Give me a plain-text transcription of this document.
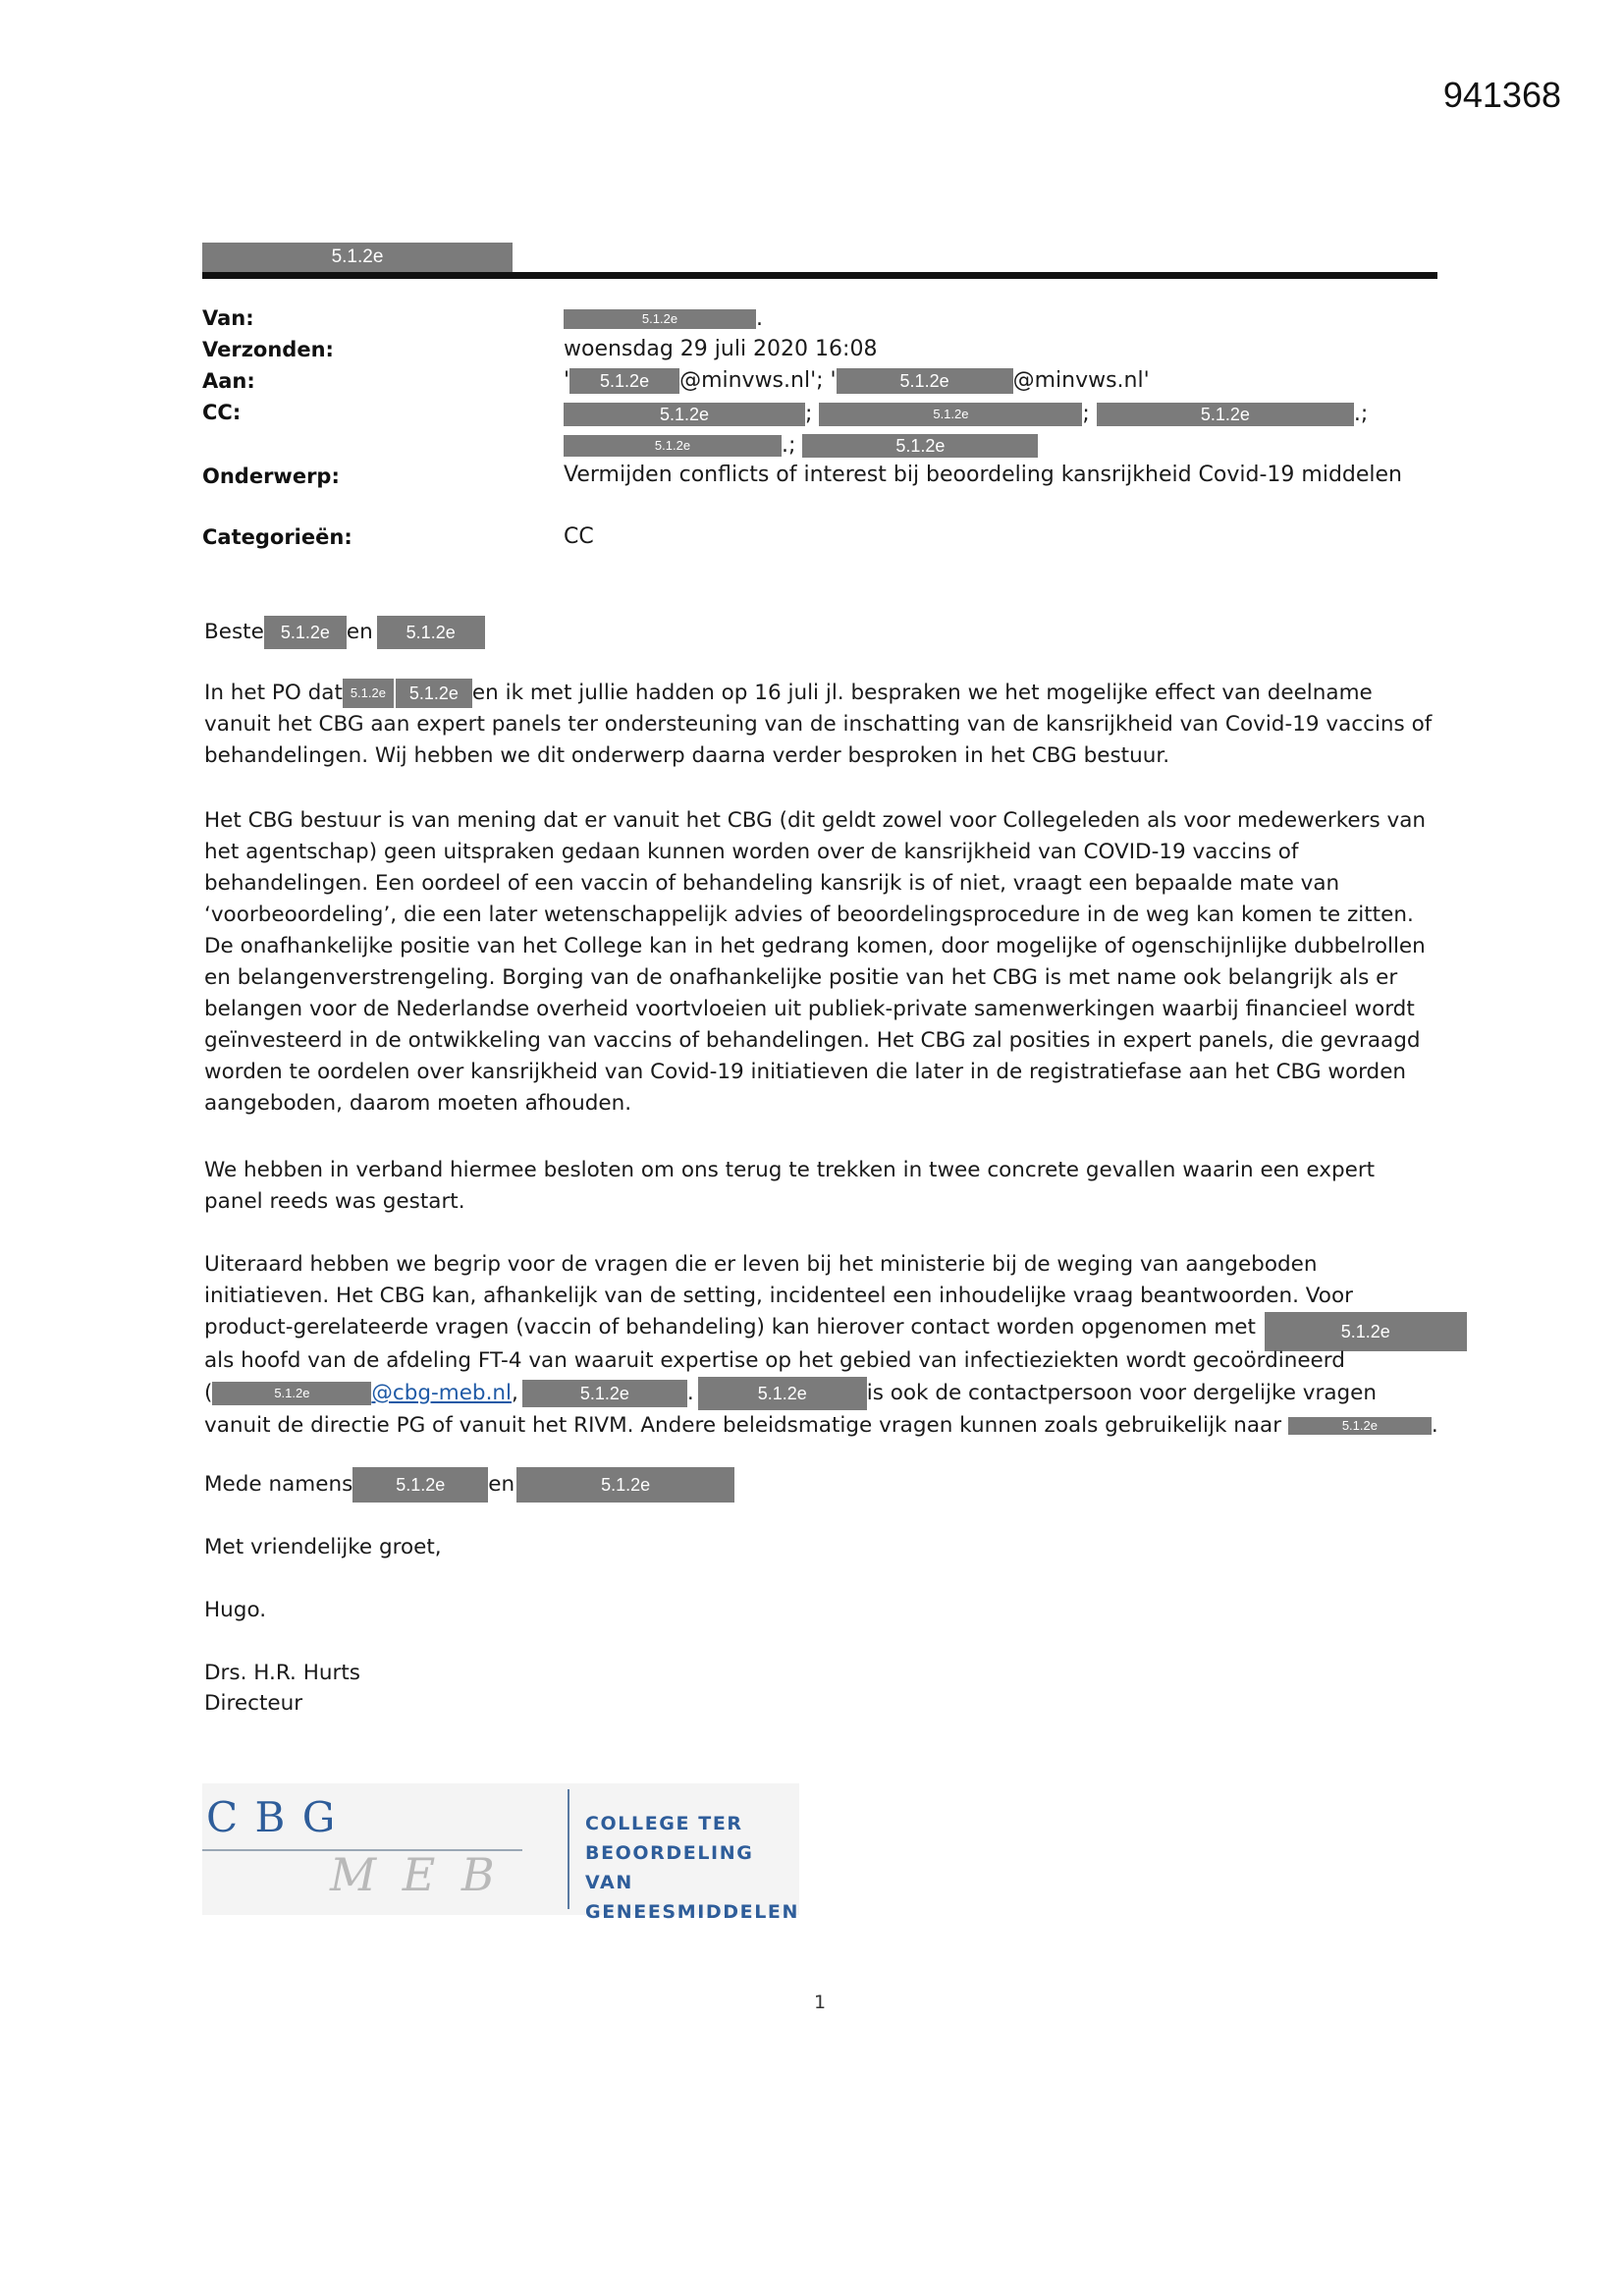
941368
5.1.2e
Van:	5.1.2e	.
Verzonden:	woensdag 29 juli 2020 16:08
Aan:	' 5.1.2e @minvws.nl'; '	5.1.2e	@minvws.nl'
CC:	5.1.2e	;	5.1.2e	;	5.1.2e	.;
5.1.2e	.;	5.1.2e
Onderwerp:	Vermijden conflicts of interest bij beoordeling kansrijkheid Covid-19 middelen
Categorieën:	CC
Beste 5.1.2e en 5.1.2e
In het PO dat 5.1.2e 5.1.2e en ik met jullie hadden op 16 juli jl. bespraken we het mogelijke effect van deelname
vanuit het CBG aan expert panels ter ondersteuning van de inschatting van de kansrijkheid van Covid-19 vaccins of
behandelingen. Wij hebben we dit onderwerp daarna verder besproken in het CBG bestuur.
Het CBG bestuur is van mening dat er vanuit het CBG (dit geldt zowel voor Collegeleden als voor medewerkers van
het agentschap) geen uitspraken gedaan kunnen worden over de kansrijkheid van COVID-19 vaccins of
behandelingen. Een oordeel of een vaccin of behandeling kansrijk is of niet, vraagt een bepaalde mate van
‘voorbeoordeling’, die een later wetenschappelijk advies of beoordelingsprocedure in de weg kan komen te zitten.
De onafhankelijke positie van het College kan in het gedrang komen, door mogelijke of ogenschijnlijke dubbelrollen
en belangenverstrengeling. Borging van de onafhankelijke positie van het CBG is met name ook belangrijk als er
belangen voor de Nederlandse overheid voortvloeien uit publiek-private samenwerkingen waarbij financieel wordt
geïnvesteerd in de ontwikkeling van vaccins of behandelingen. Het CBG zal posities in expert panels, die gevraagd
worden te oordelen over kansrijkheid van Covid-19 initiatieven die later in de registratiefase aan het CBG worden
aangeboden, daarom moeten afhouden.
We hebben in verband hiermee besloten om ons terug te trekken in twee concrete gevallen waarin een expert
panel reeds was gestart.
Uiteraard hebben we begrip voor de vragen die er leven bij het ministerie bij de weging van aangeboden
initiatieven. Het CBG kan, afhankelijk van de setting, incidenteel een inhoudelijke vraag beantwoorden. Voor
product-gerelateerde vragen (vaccin of behandeling) kan hierover contact worden opgenomen met	5.1.2e
als hoofd van de afdeling FT-4 van waaruit expertise op het gebied van infectieziekten wordt gecoördineerd
(	5.1.2e	@cbg-meb.nl,	5.1.2e	.	5.1.2e	is ook de contactpersoon voor dergelijke vragen
vanuit de directie PG of vanuit het RIVM. Andere beleidsmatige vragen kunnen zoals gebruikelijk naar	5.1.2e	.
Mede namens 5.1.2e en	5.1.2e
Met vriendelijke groet,
Hugo.
Drs. H.R. Hurts
Directeur
C B G
M E B
COLLEGE TER
BEOORDELING VAN
GENEESMIDDELEN
1
